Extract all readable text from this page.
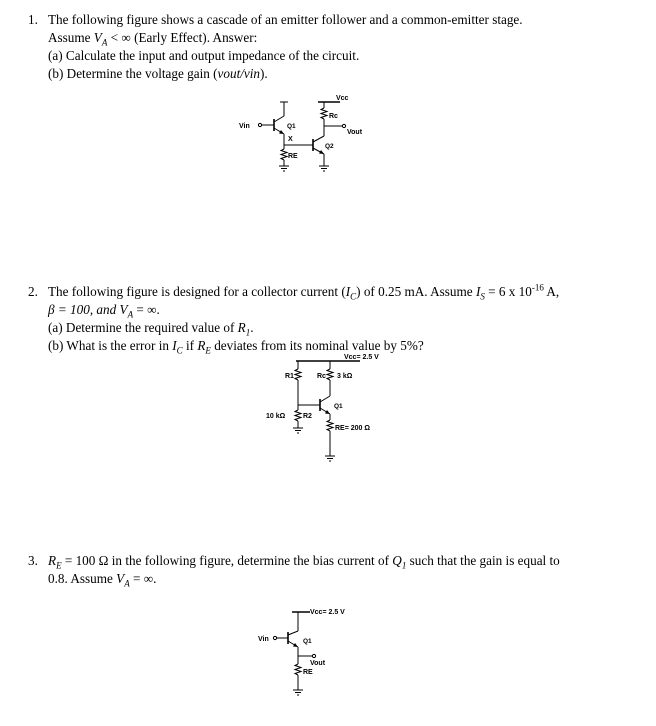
1. The following figure shows a cascade of an emitter follower and a common-emitter stage.
Assume $V_A$ < ∞ (Early Effect). Answer:
(a) Calculate the input and output impedance of the circuit.
(b) Determine the voltage gain (vout/vin).
Vcc
Rc
Vout
Q2
Vin	Q1
X
RE
2. The following figure is designed for a collector current $(I_C)$ of 0.25 mA. Assume $I_S = 6$ x $10^{-16}$ A,
β = 100, and $V_A$ = ∞.
(a) Determine the required value of $R_1$.
(b) What is the error in $I_C$ if $R_E$ deviates from its nominal value by 5%?
Vcc= 2.5 V
R1	Rc 3 kΩ
Q1
RE= 200 Ω
10 kΩ	R2
3. $R_E = 100$ Ω in the following figure, determine the bias current of $Q_1$ such that the gain is equal to
0.8. Assume $V_A$ = ∞.
Vcc= 2.5 V
Vin	Q1
Vout
RE
